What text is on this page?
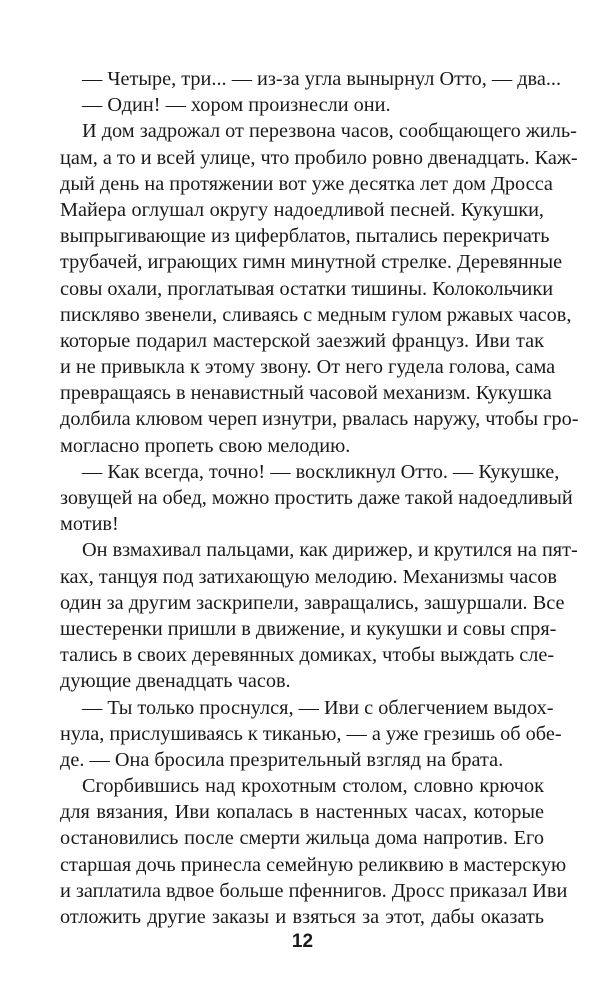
— Четыре, три... — из-за угла вынырнул Отто, — два...
— Один! — хором произнесли они.
И дом задрожал от перезвона часов, сообщающего жиль-
цам, а то и всей улице, что пробило ровно двенадцать. Каж-
дый день на протяжении вот уже десятка лет дом Дросса
Майера оглушал округу надоедливой песней. Кукушки,
выпрыгивающие из циферблатов, пытались перекричать
трубачей, играющих гимн минутной стрелке. Деревянные
совы охали, проглатывая остатки тишины. Колокольчики
писклявo звенели, сливаясь с медным гулом ржавых часов,
которые подарил мастерской заезжий француз. Иви так
и не привыкла к этому звону. От него гудела голова, сама
превращаясь в ненавистный часовой механизм. Кукушка
долбила клювом череп изнутри, рвалась наружу, чтобы гро-
могласно пропеть свою мелодию.
— Как всегда, точно! — воскликнул Отто. — Кукушке,
зовущей на обед, можно простить даже такой надоедливый
мотив!
Он взмахивал пальцами, как дирижер, и крутился на пят-
ках, танцуя под затихающую мелодию. Механизмы часов
один за другим заскрипели, завращались, зашуршали. Все
шестеренки пришли в движение, и кукушки и совы спря-
тались в своих деревянных домиках, чтобы выждать сле-
дующие двенадцать часов.
— Ты только проснулся, — Иви с облегчением выдох-
нула, прислушиваясь к тиканью, — а уже грезишь об обе-
де. — Она бросила презрительный взгляд на брата.
Сгорбившись над крохотным столом, словно крючок
для вязания, Иви копалась в настенных часах, которые
остановились после смерти жильца дома напротив. Его
старшая дочь принесла семейную реликвию в мастерскую
и заплатила вдвое больше пфеннигов. Дросс приказал Иви
отложить другие заказы и взяться за этот, дабы оказать
12
